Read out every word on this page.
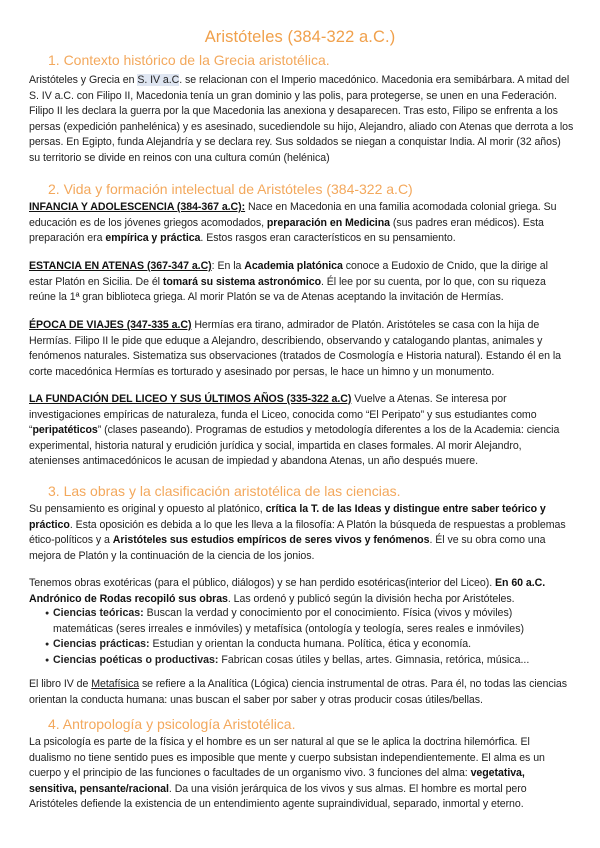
Aristóteles (384-322 a.C.)
1. Contexto histórico de la Grecia aristotélica.
Aristóteles y Grecia en S. IV a.C. se relacionan con el Imperio macedónico. Macedonia era semibárbara. A mitad del S. IV a.C. con Filipo II, Macedonia tenía un gran dominio y las polis, para protegerse, se unen en una Federación. Filipo II les declara la guerra por la que Macedonia las anexiona y desaparecen. Tras esto, Filipo se enfrenta a los persas (expedición panhelénica) y es asesinado, sucediendole su hijo, Alejandro, aliado con Atenas que derrota a los persas. En Egipto, funda Alejandría y se declara rey. Sus soldados se niegan a conquistar India. Al morir (32 años) su territorio se divide en reinos con una cultura común (helénica)
2. Vida y formación intelectual de Aristóteles (384-322 a.C)
INFANCIA Y ADOLESCENCIA (384-367 a.C): Nace en Macedonia en una familia acomodada colonial griega. Su educación es de los jóvenes griegos acomodados, preparación en Medicina (sus padres eran médicos). Esta preparación era empírica y práctica. Estos rasgos eran característicos en su pensamiento.
ESTANCIA EN ATENAS (367-347 a.C): En la Academia platónica conoce a Eudoxio de Cnido, que la dirige al estar Platón en Sicilia. De él tomará su sistema astronómico. Él lee por su cuenta, por lo que, con su riqueza reúne la 1ª gran biblioteca griega. Al morir Platón se va de Atenas aceptando la invitación de Hermías.
ÉPOCA DE VIAJES (347-335 a.C) Hermías era tirano, admirador de Platón. Aristóteles se casa con la hija de Hermías. Filipo II le pide que eduque a Alejandro, describiendo, observando y catalogando plantas, animales y fenómenos naturales. Sistematiza sus observaciones (tratados de Cosmología e Historia natural). Estando él en la corte macedónica Hermías es torturado y asesinado por persas, le hace un himno y un monumento.
LA FUNDACIÓN DEL LICEO Y SUS ÚLTIMOS AÑOS (335-322 a.C) Vuelve a Atenas. Se interesa por investigaciones empíricas de naturaleza, funda el Liceo, conocida como “El Peripato” y sus estudiantes como “peripatéticos” (clases paseando). Programas de estudios y metodología diferentes a los de la Academia: ciencia experimental, historia natural y erudición jurídica y social, impartida en clases formales. Al morir Alejandro, atenienses antimacedónicos le acusan de impiedad y abandona Atenas, un año después muere.
3. Las obras y la clasificación aristotélica de las ciencias.
Su pensamiento es original y opuesto al platónico, crítica la T. de las Ideas y distingue entre saber teórico y práctico. Esta oposición es debida a lo que les lleva a la filosofía: A Platón la búsqueda de respuestas a problemas ético-políticos y a Aristóteles sus estudios empíricos de seres vivos y fenómenos. Él ve su obra como una mejora de Platón y la continuación de la ciencia de los jonios.
Tenemos obras exotéricas (para el público, diálogos) y se han perdido esotéricas(interior del Liceo). En 60 a.C. Andrónico de Rodas recopiló sus obras. Las ordenó y publicó según la división hecha por Aristóteles.
● Ciencias teóricas: Buscan la verdad y conocimiento por el conocimiento. Física (vivos y móviles) matemáticas (seres irreales e inmóviles) y metafísica (ontología y teología, seres reales e inmóviles)
● Ciencias prácticas: Estudian y orientan la conducta humana. Política, ética y economía.
● Ciencias poéticas o productivas: Fabrican cosas útiles y bellas, artes. Gimnasia, retórica, música...
El libro IV de Metafísica se refiere a la Analítica (Lógica) ciencia instrumental de otras. Para él, no todas las ciencias orientan la conducta humana: unas buscan el saber por saber y otras producir cosas útiles/bellas.
4. Antropología y psicología Aristotélica.
La psicología es parte de la física y el hombre es un ser natural al que se le aplica la doctrina hilemórfica. El dualismo no tiene sentido pues es imposible que mente y cuerpo subsistan independientemente. El alma es un cuerpo y el principio de las funciones o facultades de un organismo vivo. 3 funciones del alma: vegetativa, sensitiva, pensante/racional. Da una visión jerárquica de los vivos y sus almas. El hombre es mortal pero Aristóteles defiende la existencia de un entendimiento agente supraindividual, separado, inmortal y eterno.
